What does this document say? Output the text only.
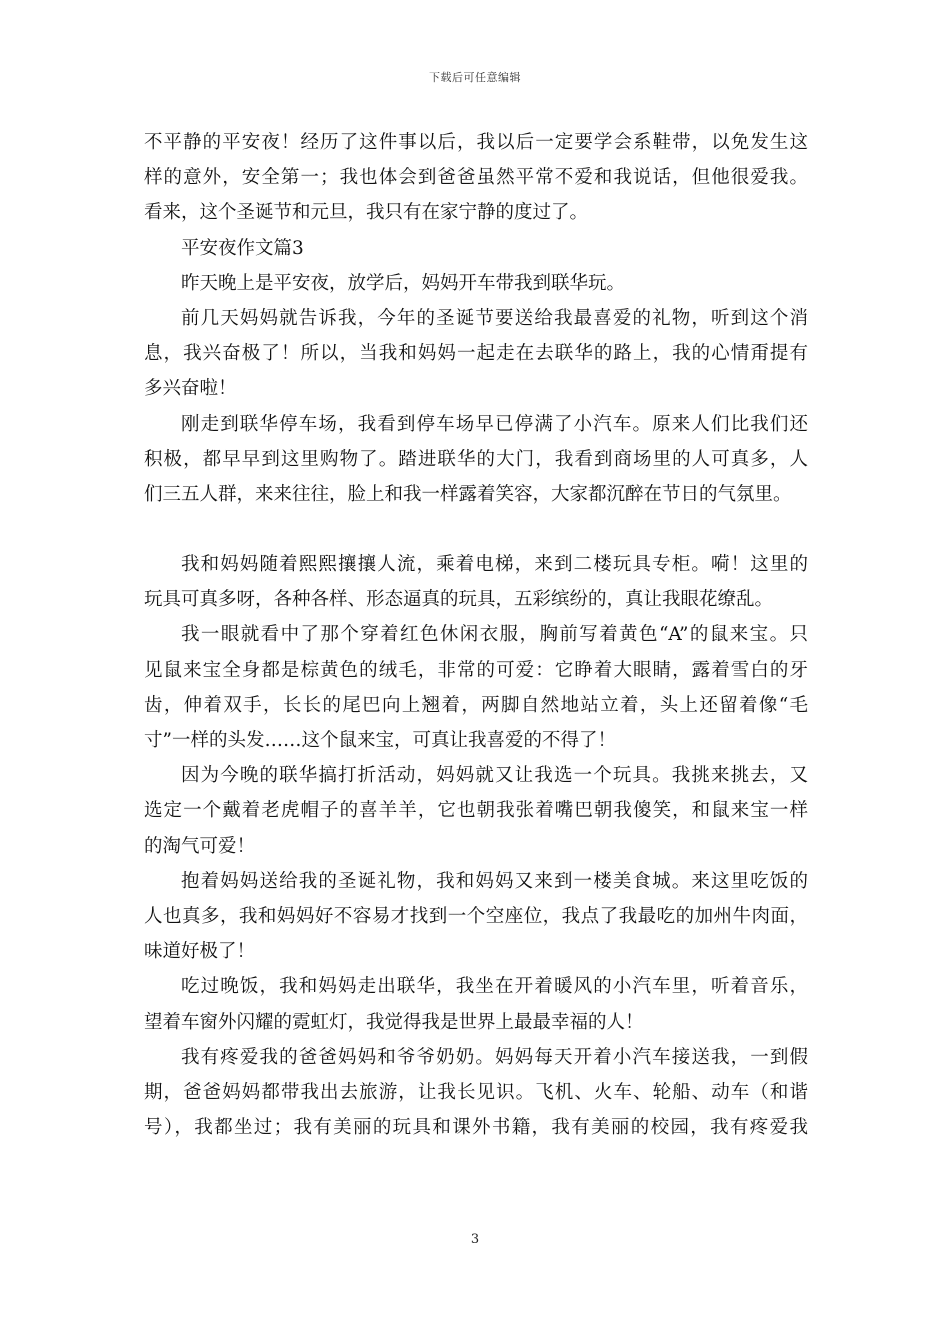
下载后可任意编辑
不平静的平安夜！经历了这件事以后，我以后一定要学会系鞋带，以免发生这
样的意外，安全第一；我也体会到爸爸虽然平常不爱和我说话，但他很爱我。
看来，这个圣诞节和元旦，我只有在家宁静的度过了。
平安夜作文篇3
昨天晚上是平安夜，放学后，妈妈开车带我到联华玩。
前几天妈妈就告诉我，今年的圣诞节要送给我最喜爱的礼物，听到这个消
息，我兴奋极了！所以，当我和妈妈一起走在去联华的路上，我的心情甭提有
多兴奋啦！
刚走到联华停车场，我看到停车场早已停满了小汽车。原来人们比我们还
积极，都早早到这里购物了。踏进联华的大门，我看到商场里的人可真多，人
们三五人群，来来往往，脸上和我一样露着笑容，大家都沉醉在节日的气氛里。
我和妈妈随着熙熙攘攘人流，乘着电梯，来到二楼玩具专柜。嗬！这里的
玩具可真多呀，各种各样、形态逼真的玩具，五彩缤纷的，真让我眼花缭乱。
我一眼就看中了那个穿着红色休闲衣服，胸前写着黄色“A”的鼠来宝。只
见鼠来宝全身都是棕黄色的绒毛，非常的可爱：它睁着大眼睛，露着雪白的牙
齿，伸着双手，长长的尾巴向上翘着，两脚自然地站立着，头上还留着像“毛
寸”一样的头发……这个鼠来宝，可真让我喜爱的不得了！
因为今晚的联华搞打折活动，妈妈就又让我选一个玩具。我挑来挑去，又
选定一个戴着老虎帽子的喜羊羊，它也朝我张着嘴巴朝我傻笑，和鼠来宝一样
的淘气可爱！
抱着妈妈送给我的圣诞礼物，我和妈妈又来到一楼美食城。来这里吃饭的
人也真多，我和妈妈好不容易才找到一个空座位，我点了我最吃的加州牛肉面，
味道好极了！
吃过晚饭，我和妈妈走出联华，我坐在开着暖风的小汽车里，听着音乐，
望着车窗外闪耀的霓虹灯，我觉得我是世界上最最幸福的人！
我有疼爱我的爸爸妈妈和爷爷奶奶。妈妈每天开着小汽车接送我，一到假
期，爸爸妈妈都带我出去旅游，让我长见识。飞机、火车、轮船、动车（和谐
号），我都坐过；我有美丽的玩具和课外书籍，我有美丽的校园，我有疼爱我
3
